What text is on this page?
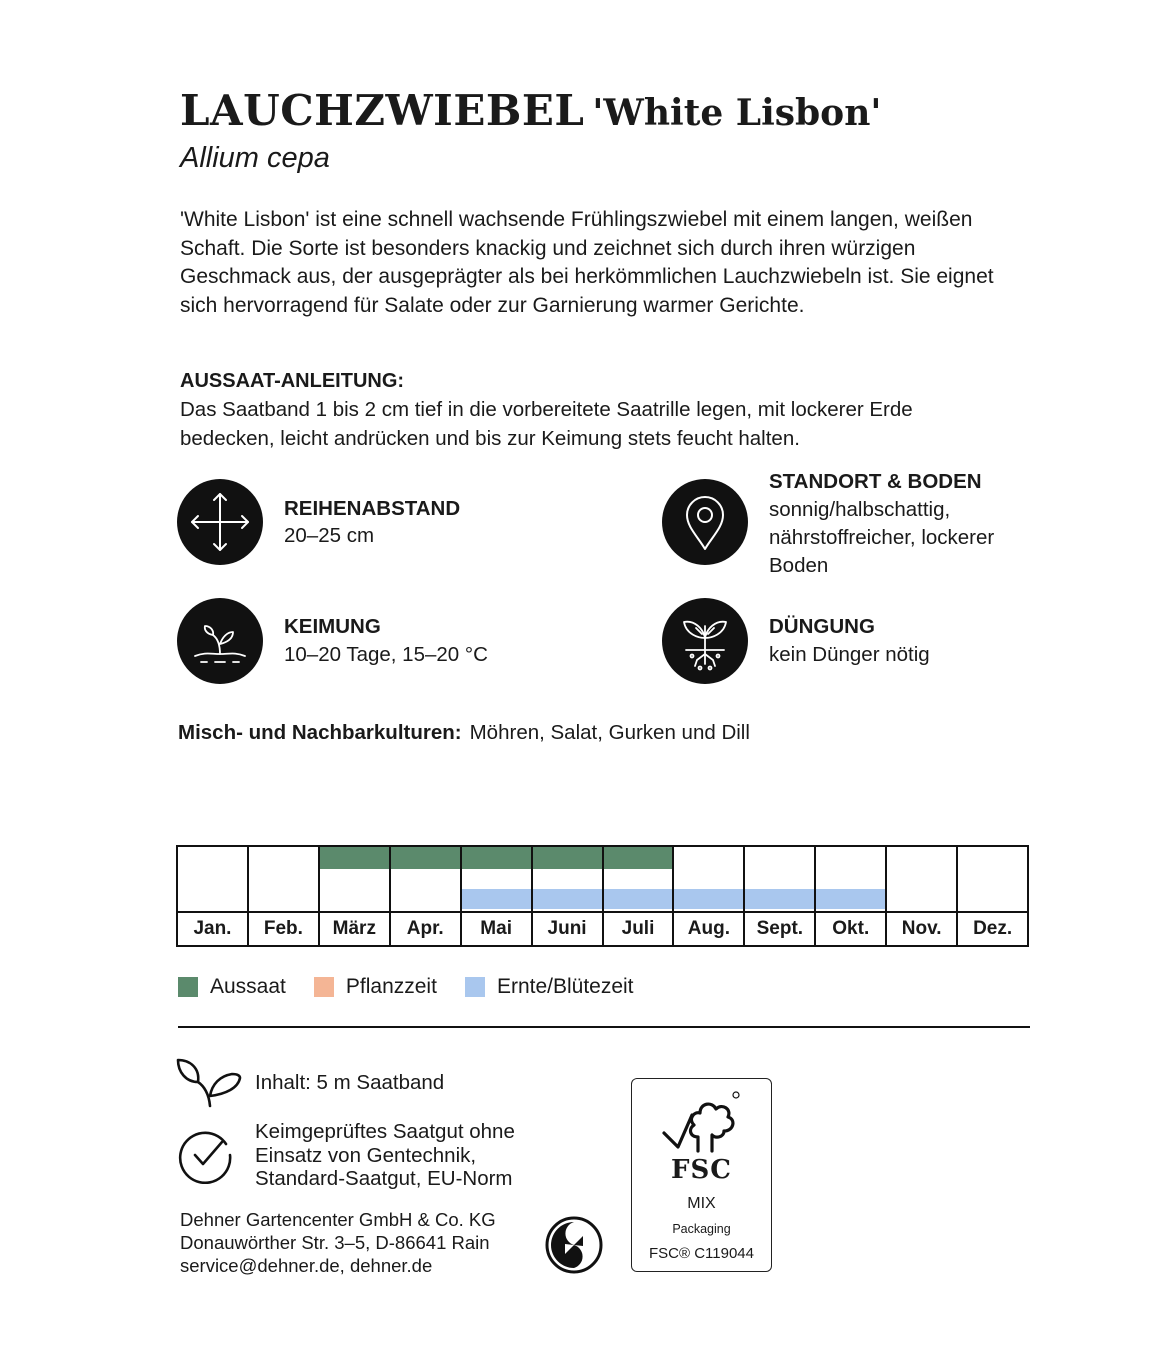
LAUCHZWIEBEL 'White Lisbon'
Allium cepa
'White Lisbon' ist eine schnell wachsende Frühlingszwiebel mit einem langen, weißen Schaft. Die Sorte ist besonders knackig und zeichnet sich durch ihren würzigen Geschmack aus, der ausgeprägter als bei herkömmlichen Lauchzwiebeln ist. Sie eignet sich hervorragend für Salate oder zur Garnierung warmer Gerichte.
AUSSAAT-ANLEITUNG:
Das Saatband 1 bis 2 cm tief in die vorbereitete Saatrille legen, mit lockerer Erde bedecken, leicht andrücken und bis zur Keimung stets feucht halten.
REIHENABSTAND
20–25 cm
STANDORT & BODEN
sonnig/halbschattig, nährstoffreicher, lockerer Boden
KEIMUNG
10–20 Tage, 15–20 °C
DÜNGUNG
kein Dünger nötig
Misch- und Nachbarkulturen: Möhren, Salat, Gurken und Dill
Jan.	Feb.	März	Apr.	Mai	Juni	Juli	Aug.	Sept.	Okt.	Nov.	Dez.
Aussaat	Pflanzzeit	Ernte/Blütezeit
Inhalt: 5 m Saatband
Keimgeprüftes Saatgut ohne Einsatz von Gentechnik, Standard-Saatgut, EU-Norm
Dehner Gartencenter GmbH & Co. KG
Donauwörther Str. 3–5, D-86641 Rain
service@dehner.de, dehner.de
FSC
MIX
Packaging
FSC® C119044
